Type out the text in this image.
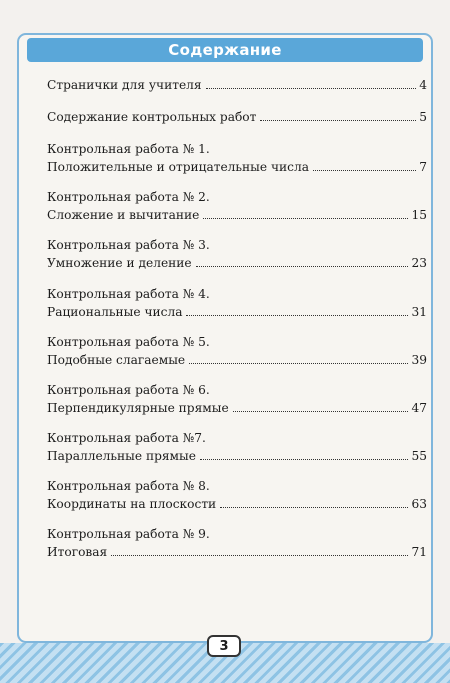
Содержание
Странички для учителя	4
Содержание контрольных работ	5
Контрольная работа № 1.
Положительные и отрицательные числа	7
Контрольная работа № 2.
Сложение и вычитание	15
Контрольная работа № 3.
Умножение и деление	23
Контрольная работа № 4.
Рациональные числа	31
Контрольная работа № 5.
Подобные слагаемые	39
Контрольная работа № 6.
Перпендикулярные прямые	47
Контрольная работа №7.
Параллельные прямые	55
Контрольная работа № 8.
Координаты на плоскости	63
Контрольная работа № 9.
Итоговая	71
3
